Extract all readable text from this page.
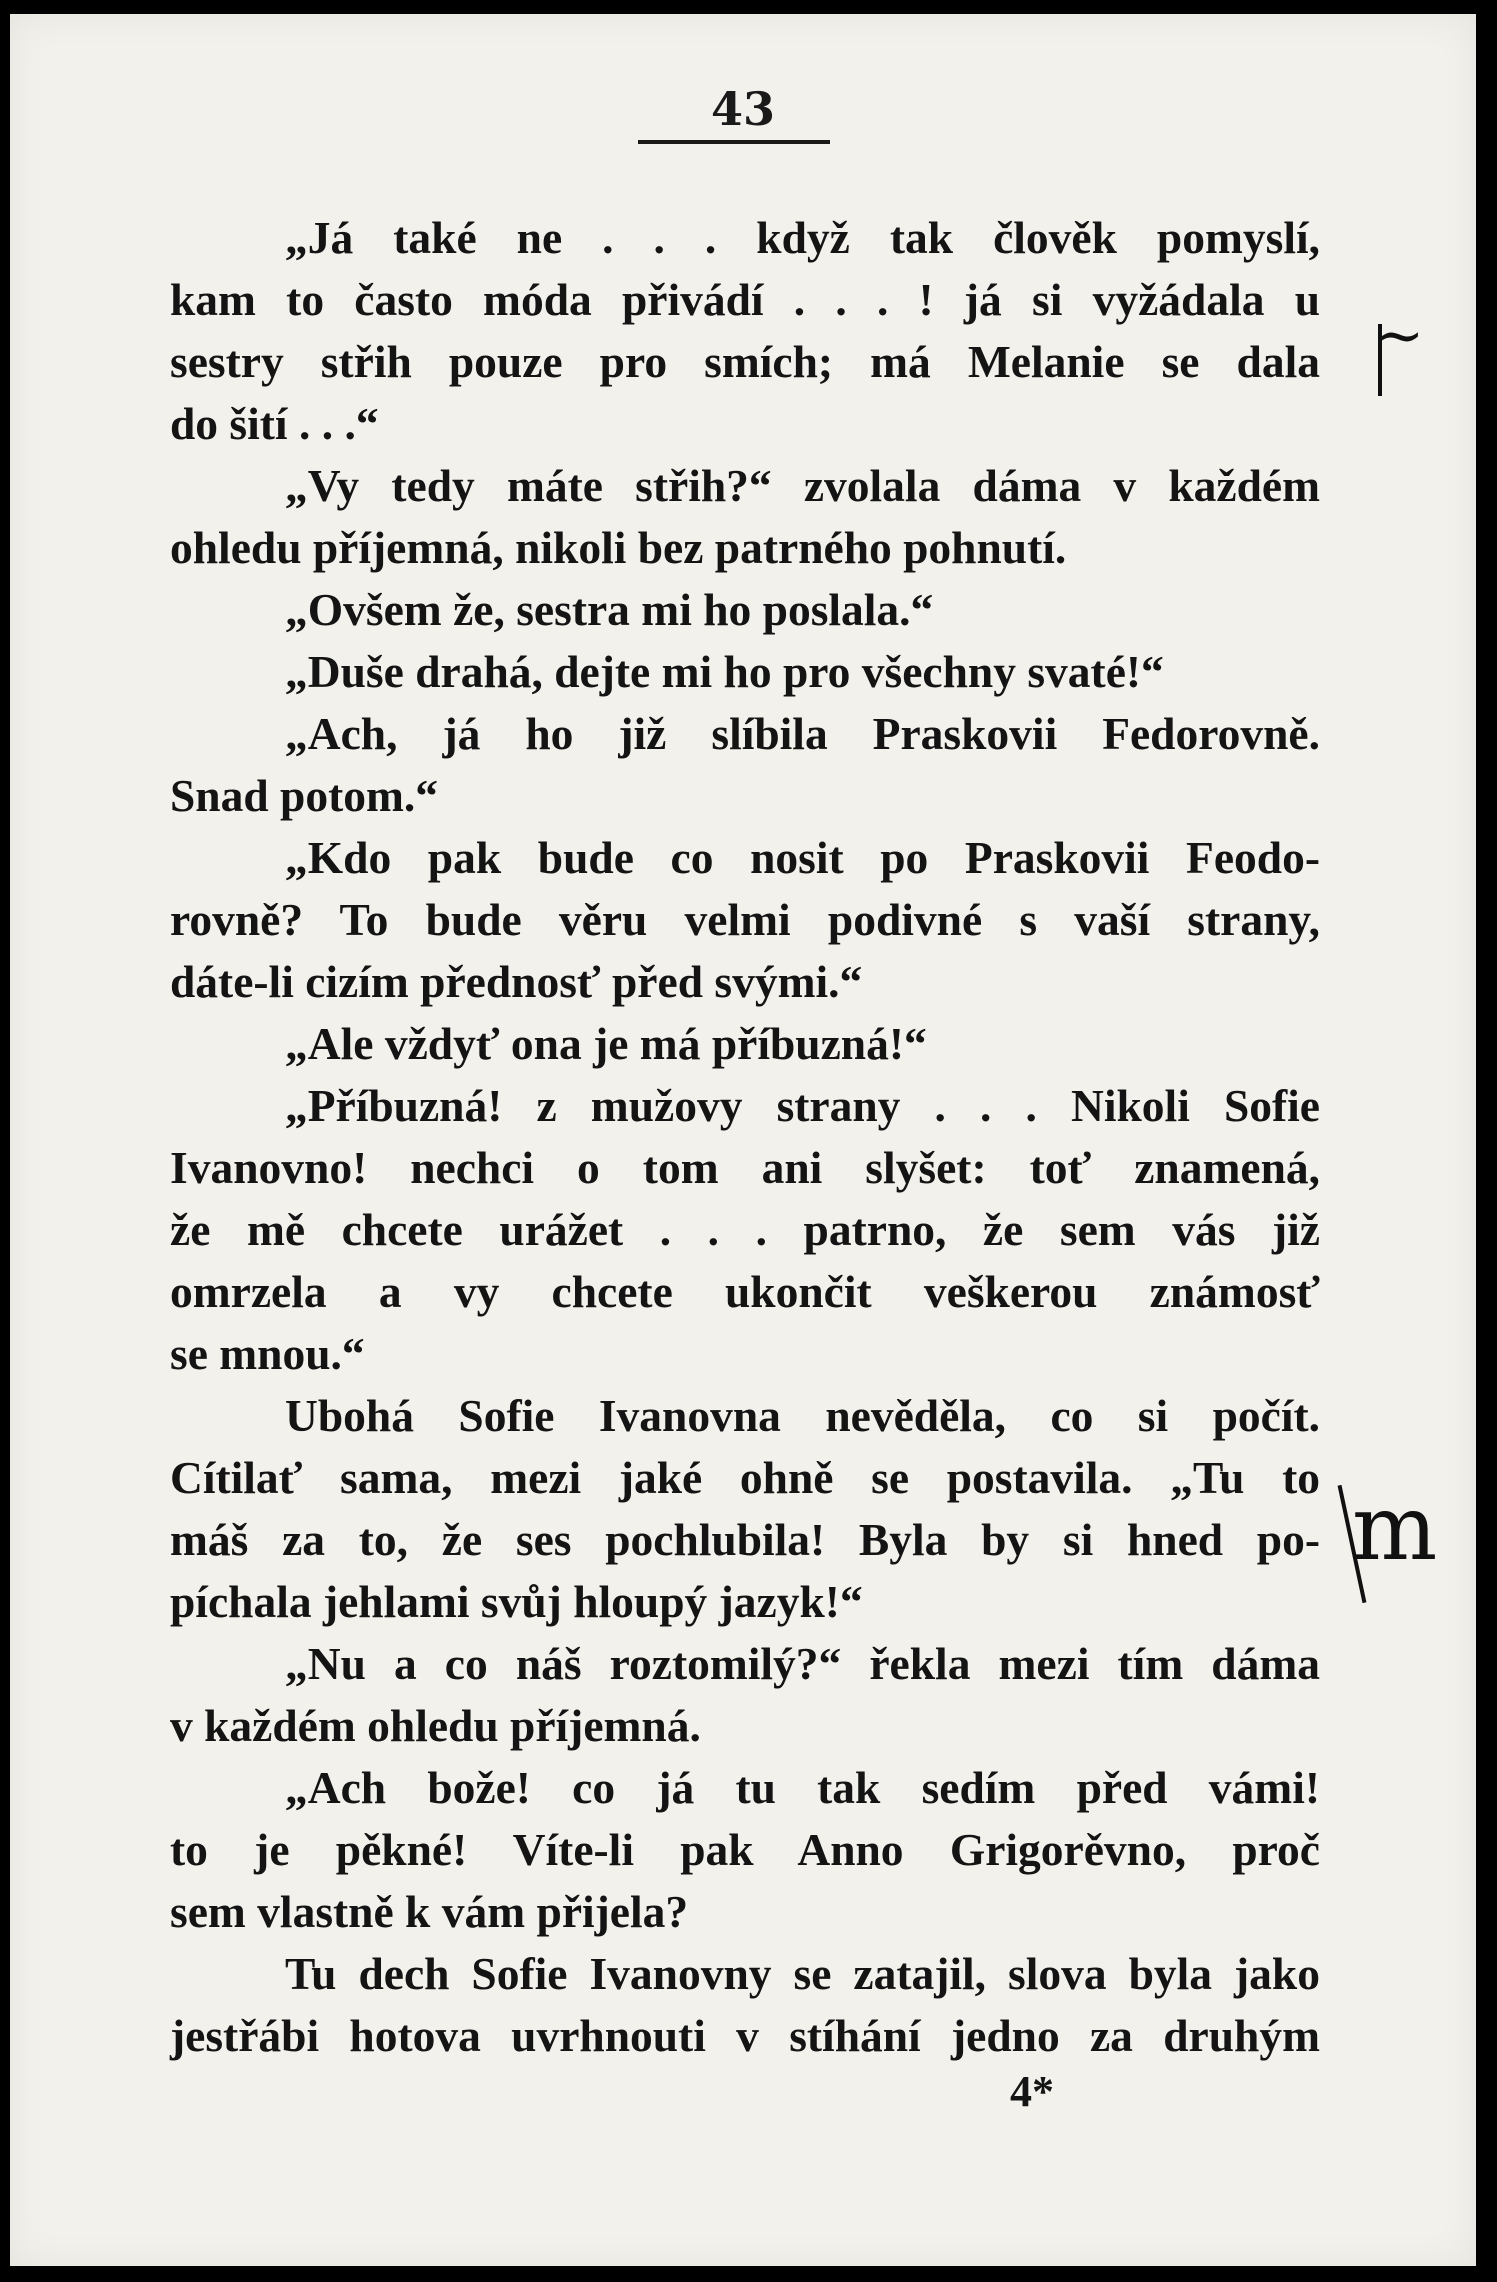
43
„Já také ne . . . když tak člověk pomyslí,
kam to často móda přivádí . . . ! já si vyžádala u
sestry střih pouze pro smích; má Melanie se dala
do šití . . .“
„Vy tedy máte střih?“ zvolala dáma v každém
ohledu příjemná, nikoli bez patrného pohnutí.
„Ovšem že, sestra mi ho poslala.“
„Duše drahá, dejte mi ho pro všechny svaté!“
„Ach, já ho již slíbila Praskovii Fedorovně.
Snad potom.“
„Kdo pak bude co nosit po Praskovii Feodo-
rovně? To bude věru velmi podivné s vaší strany,
dáte-li cizím přednosť před svými.“
„Ale vždyť ona je má příbuzná!“
„Příbuzná! z mužovy strany . . . Nikoli Sofie
Ivanovno! nechci o tom ani slyšet: toť znamená,
že mě chcete urážet . . . patrno, že sem vás již
omrzela a vy chcete ukončit veškerou známosť
se mnou.“
Ubohá Sofie Ivanovna nevěděla, co si počít.
Cítilať sama, mezi jaké ohně se postavila. „Tu to
máš za to, že ses pochlubila! Byla by si hned po-
píchala jehlami svůj hloupý jazyk!“
„Nu a co náš roztomilý?“ řekla mezi tím dáma
v každém ohledu příjemná.
„Ach bože! co já tu tak sedím před vámi!
to je pěkné! Víte-li pak Anno Grigorěvno, proč
sem vlastně k vám přijela?
Tu dech Sofie Ivanovny se zatajil, slova byla jako
jestřábi hotova uvrhnouti v stíhání jedno za druhým
4*
~
m
